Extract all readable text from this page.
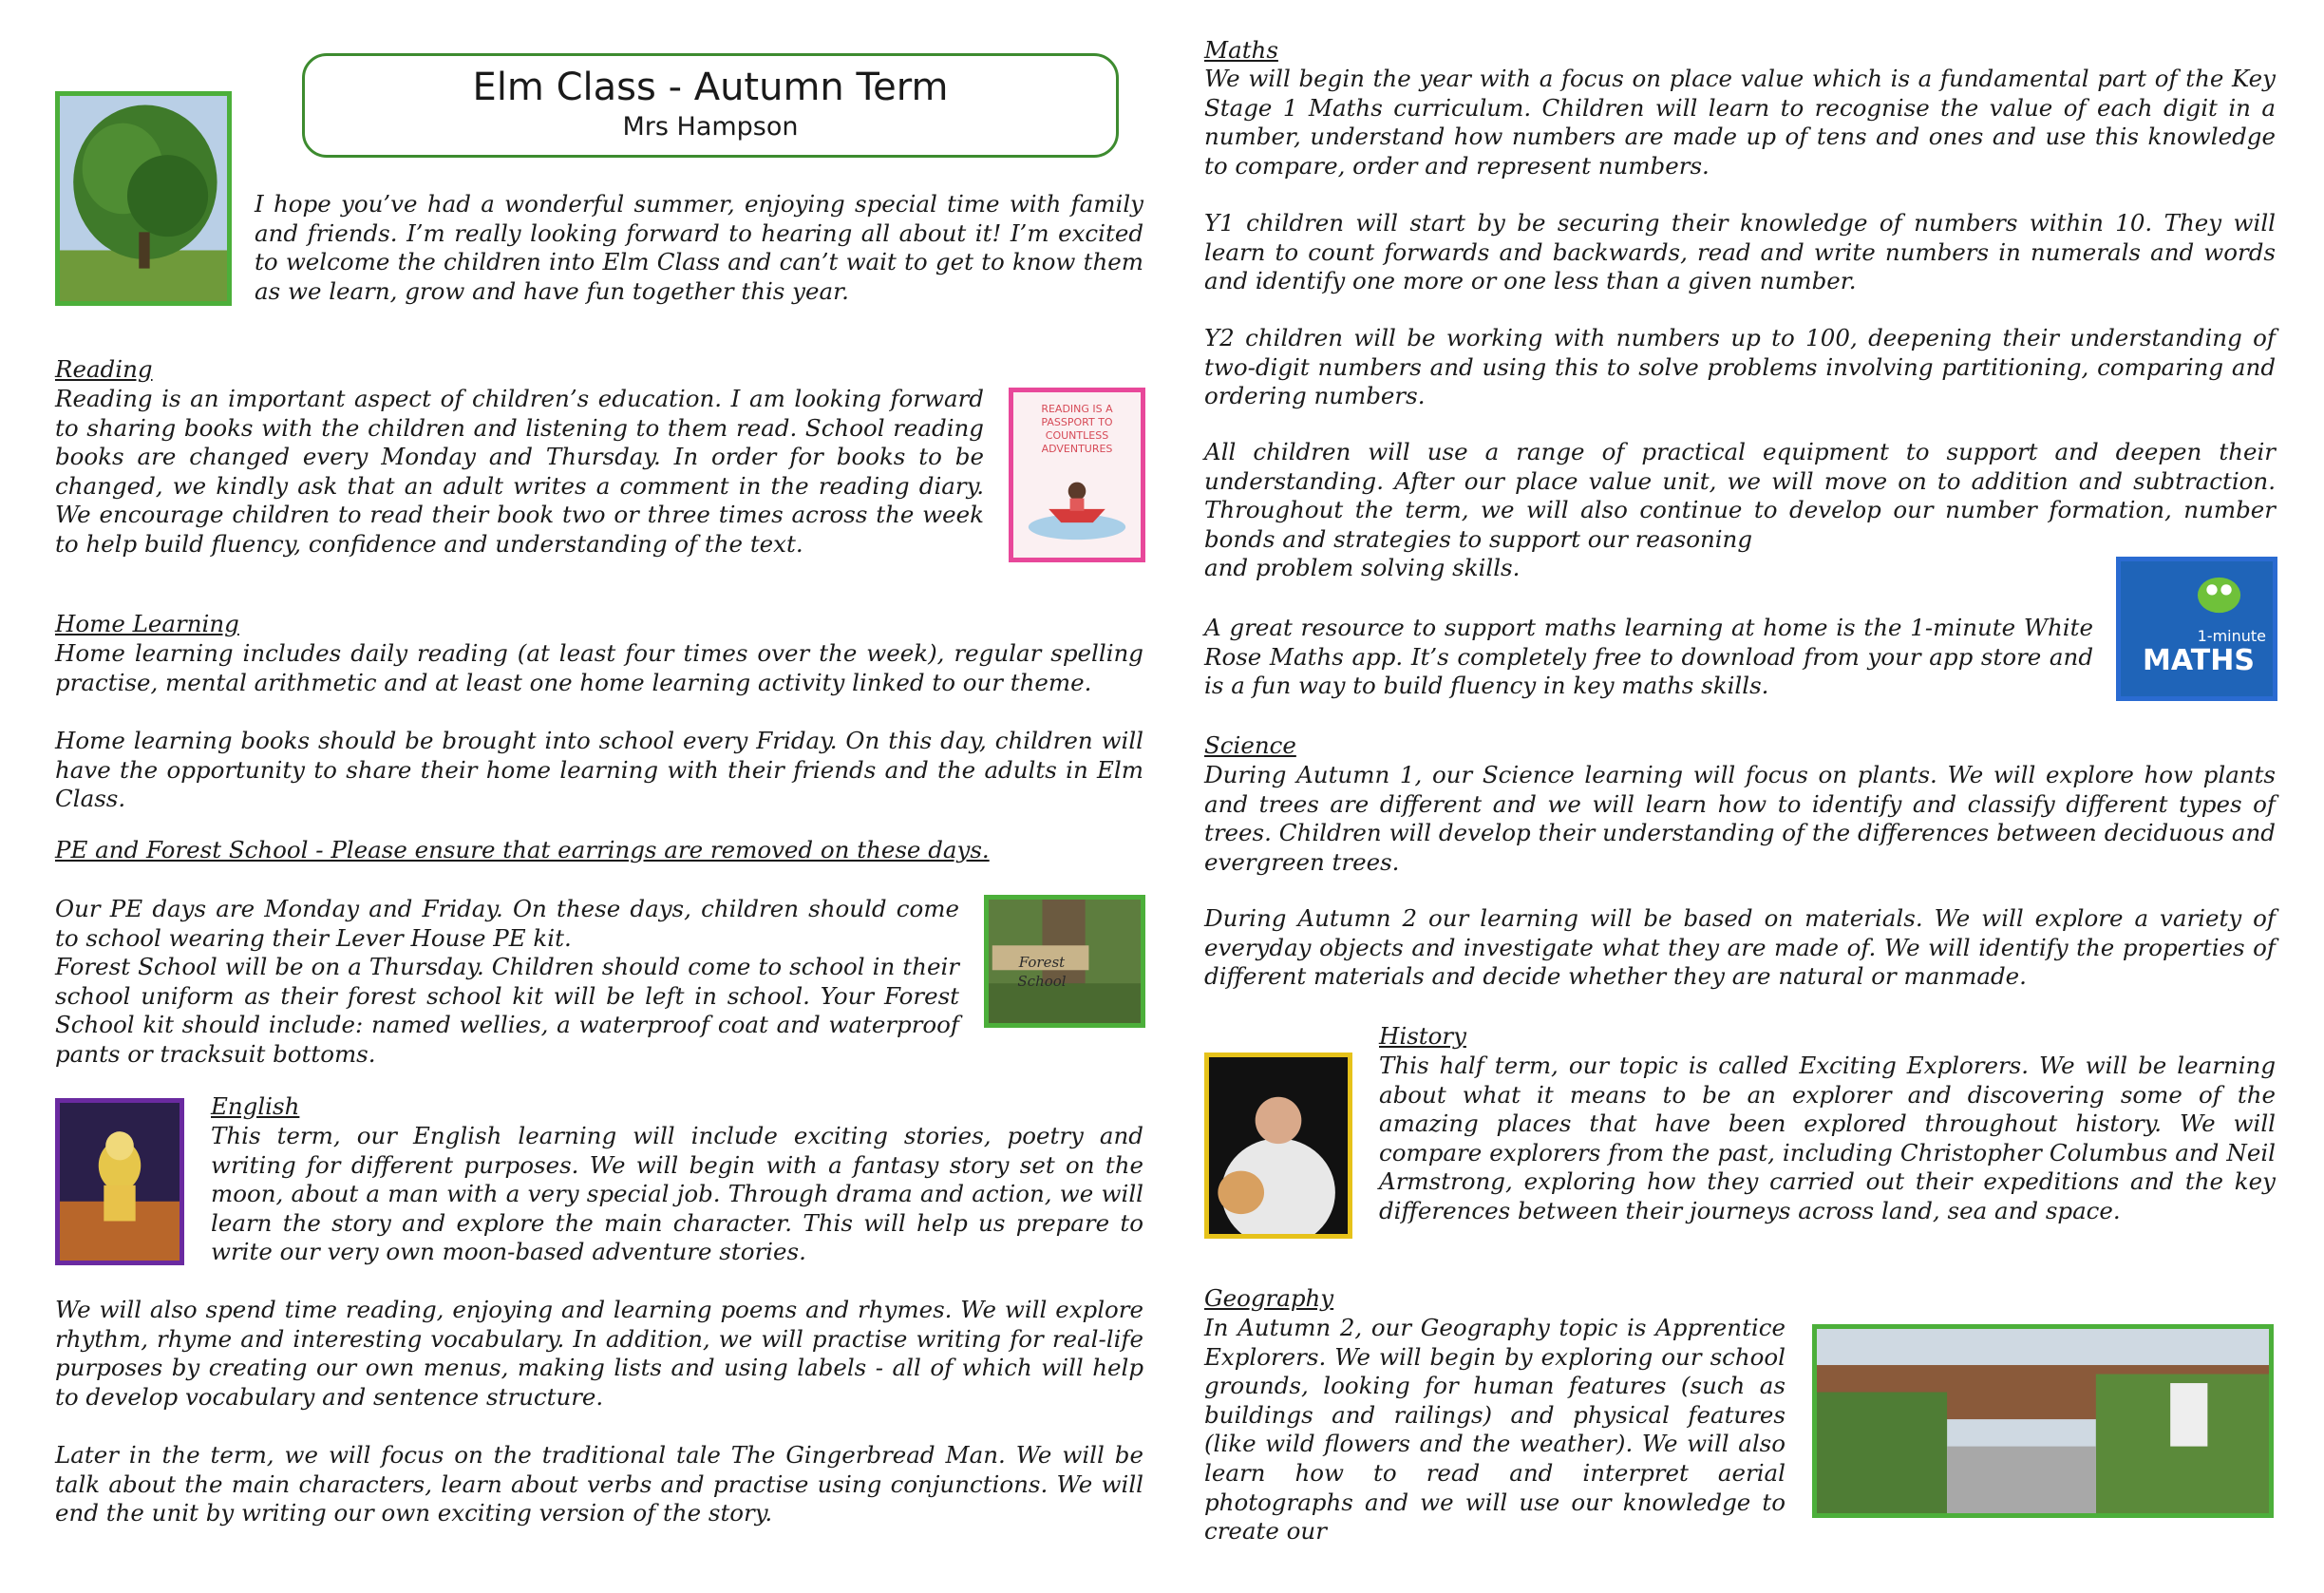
Elm Class - Autumn Term
Mrs Hampson

I hope you’ve had a wonderful summer, enjoying special time with family and friends. I’m really looking forward to hearing all about it! I’m excited to welcome the children into Elm Class and can’t wait to get to know them as we learn, grow and have fun together this year.

Reading

Reading is an important aspect of children’s education. I am looking forward to sharing books with the children and listening to them read. School reading books are changed every Monday and Thursday. In order for books to be changed, we kindly ask that an adult writes a comment in the reading diary. We encourage children to read their book two or three times across the week to help build fluency, confidence and understanding of the text.

READING IS A PASSPORT TO COUNTLESS ADVENTURES

Home Learning

Home learning includes daily reading (at least four times over the week), regular spelling practise, mental arithmetic and at least one home learning activity linked to our theme.

Home learning books should be brought into school every Friday. On this day, children will have the opportunity to share their home learning with their friends and the adults in Elm Class.

PE and Forest School - Please ensure that earrings are removed on these days.

Our PE days are Monday and Friday. On these days, children should come to school wearing their Lever House PE kit.

Forest School will be on a Thursday. Children should come to school in their school uniform as their forest school kit will be left in school. Your Forest School kit should include: named wellies, a waterproof coat and waterproof pants or tracksuit bottoms.

Forest School

English

This term, our English learning will include exciting stories, poetry and writing for different purposes. We will begin with a fantasy story set on the moon, about a man with a very special job. Through drama and action, we will learn the story and explore the main character. This will help us prepare to write our very own moon-based adventure stories.

We will also spend time reading, enjoying and learning poems and rhymes. We will explore rhythm, rhyme and interesting vocabulary. In addition, we will practise writing for real-life purposes by creating our own menus, making lists and using labels - all of which will help to develop vocabulary and sentence structure.

Later in the term, we will focus on the traditional tale The Gingerbread Man. We will be talk about the main characters, learn about verbs and practise using conjunctions. We will end the unit by writing our own exciting version of the story.

Maths

We will begin the year with a focus on place value which is a fundamental part of the Key Stage 1 Maths curriculum. Children will learn to recognise the value of each digit in a number, understand how numbers are made up of tens and ones and use this knowledge to compare, order and represent numbers.

Y1 children will start by be securing their knowledge of numbers within 10. They will learn to count forwards and backwards, read and write numbers in numerals and words and identify one more or one less than a given number.

Y2 children will be working with numbers up to 100, deepening their understanding of two-digit numbers and using this to solve problems involving partitioning, comparing and ordering numbers.

All children will use a range of practical equipment to support and deepen their understanding. After our place value unit, we will move on to addition and subtraction. Throughout the term, we will also continue to develop our number formation, number bonds and strategies to support our reasoning

and problem solving skills.

A great resource to support maths learning at home is the 1-minute White Rose Maths app. It’s completely free to download from your app store and is a fun way to build fluency in key maths skills.

1-minute
MATHS

Science

During Autumn 1, our Science learning will focus on plants. We will explore how plants and trees are different and we will learn how to identify and classify different types of trees. Children will develop their understanding of the differences between deciduous and evergreen trees.

During Autumn 2 our learning will be based on materials. We will explore a variety of everyday objects and investigate what they are made of. We will identify the properties of different materials and decide whether they are natural or manmade.

History

This half term, our topic is called Exciting Explorers. We will be learning about what it means to be an explorer and discovering some of the amazing places that have been explored throughout history. We will compare explorers from the past, including Christopher Columbus and Neil Armstrong, exploring how they carried out their expeditions and the key differences between their journeys across land, sea and space.

Geography

In Autumn 2, our Geography topic is Apprentice Explorers. We will begin by exploring our school grounds, looking for human features (such as buildings and railings) and physical features (like wild flowers and the weather). We will also learn how to read and interpret aerial photographs and we will use our knowledge to create our
